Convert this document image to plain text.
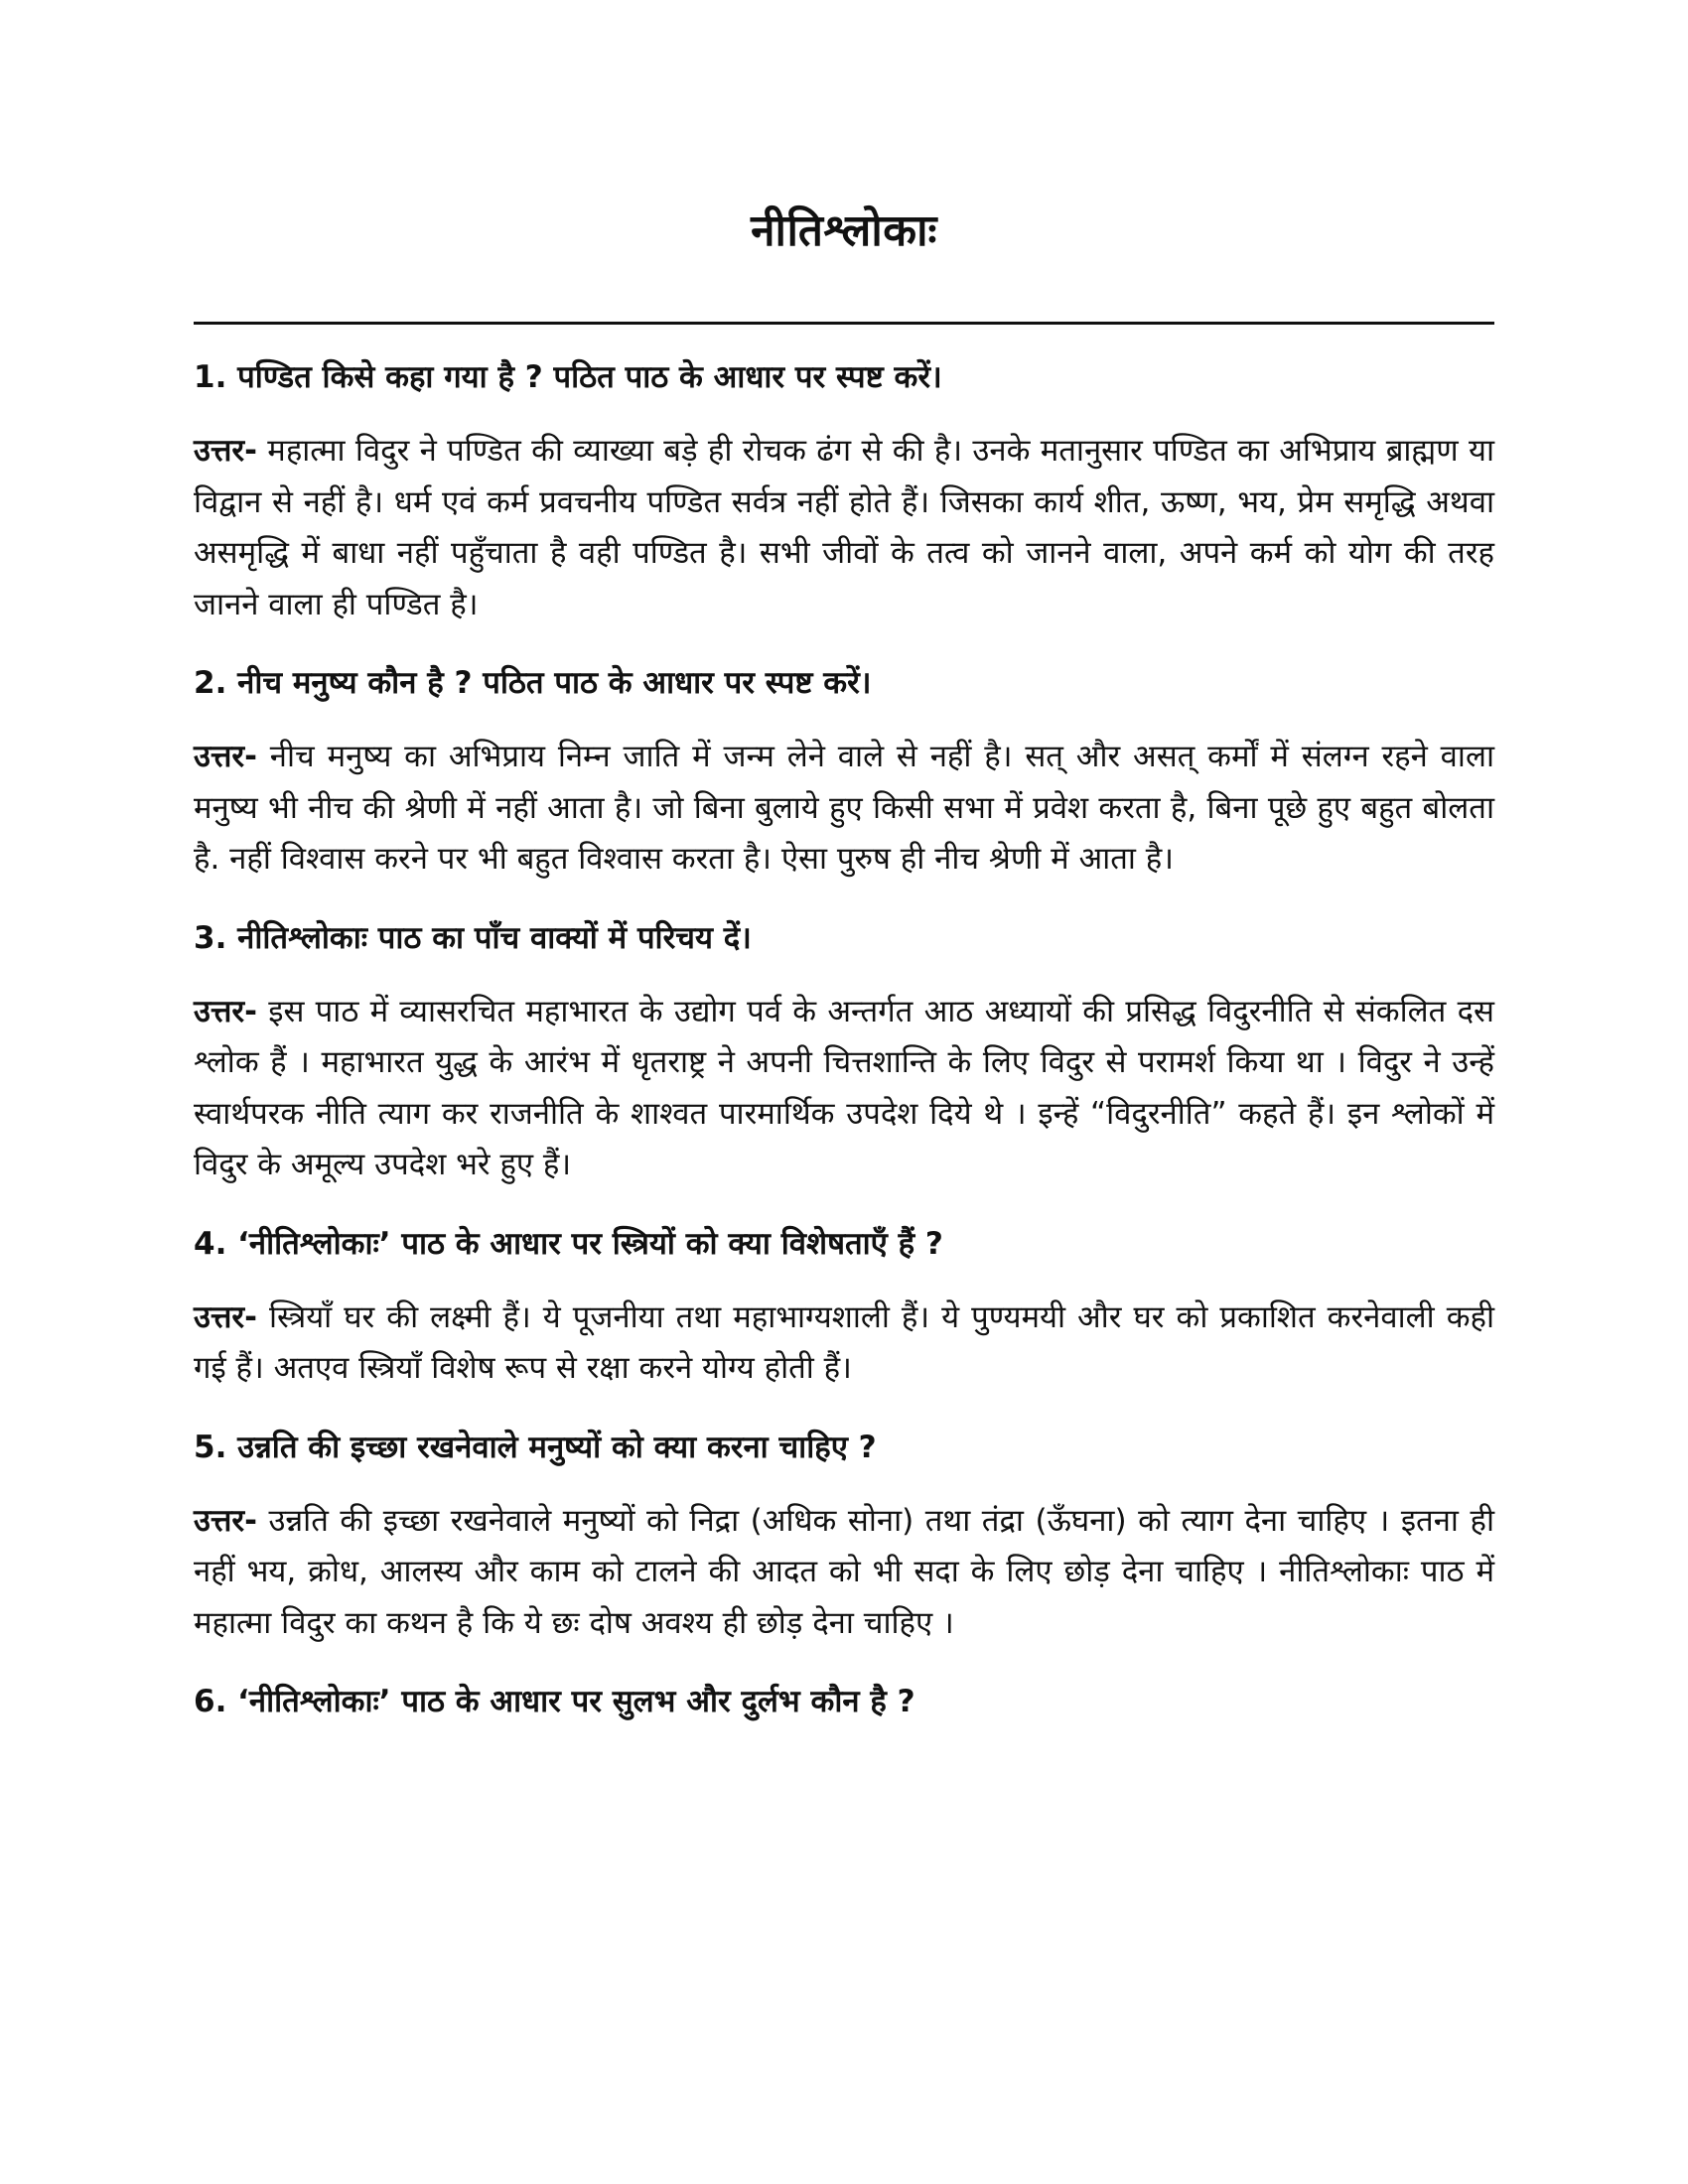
नीतिश्लोकाः

1. पण्डित किसे कहा गया है ? पठित पाठ के आधार पर स्पष्ट करें।

उत्तर- महात्मा विदुर ने पण्डित की व्याख्या बड़े ही रोचक ढंग से की है। उनके मतानुसार पण्डित का अभिप्राय ब्राह्मण या विद्वान से नहीं है। धर्म एवं कर्म प्रवचनीय पण्डित सर्वत्र नहीं होते हैं। जिसका कार्य शीत, ऊष्ण, भय, प्रेम समृद्धि अथवा असमृद्धि में बाधा नहीं पहुँचाता है वही पण्डित है। सभी जीवों के तत्व को जानने वाला, अपने कर्म को योग की तरह जानने वाला ही पण्डित है।

2. नीच मनुष्य कौन है ? पठित पाठ के आधार पर स्पष्ट करें।

उत्तर- नीच मनुष्य का अभिप्राय निम्न जाति में जन्म लेने वाले से नहीं है। सत् और असत् कर्मों में संलग्न रहने वाला मनुष्य भी नीच की श्रेणी में नहीं आता है। जो बिना बुलाये हुए किसी सभा में प्रवेश करता है, बिना पूछे हुए बहुत बोलता है. नहीं विश्वास करने पर भी बहुत विश्वास करता है। ऐसा पुरुष ही नीच श्रेणी में आता है।

3. नीतिश्लोकाः पाठ का पाँच वाक्यों में परिचय दें।

उत्तर- इस पाठ में व्यासरचित महाभारत के उद्योग पर्व के अन्तर्गत आठ अध्यायों की प्रसिद्ध विदुरनीति से संकलित दस श्लोक हैं । महाभारत युद्ध के आरंभ में धृतराष्ट्र ने अपनी चित्तशान्ति के लिए विदुर से परामर्श किया था । विदुर ने उन्हें स्वार्थपरक नीति त्याग कर राजनीति के शाश्वत पारमार्थिक उपदेश दिये थे । इन्हें “विदुरनीति” कहते हैं। इन श्लोकों में विदुर के अमूल्य उपदेश भरे हुए हैं।

4. ‘नीतिश्लोकाः’ पाठ के आधार पर स्त्रियों को क्या विशेषताएँ हैं ?

उत्तर- स्त्रियाँ घर की लक्ष्मी हैं। ये पूजनीया तथा महाभाग्यशाली हैं। ये पुण्यमयी और घर को प्रकाशित करनेवाली कही गई हैं। अतएव स्त्रियाँ विशेष रूप से रक्षा करने योग्य होती हैं।

5. उन्नति की इच्छा रखनेवाले मनुष्यों को क्या करना चाहिए ?

उत्तर- उन्नति की इच्छा रखनेवाले मनुष्यों को निद्रा (अधिक सोना) तथा तंद्रा (ऊँघना) को त्याग देना चाहिए । इतना ही नहीं भय, क्रोध, आलस्य और काम को टालने की आदत को भी सदा के लिए छोड़ देना चाहिए । नीतिश्लोकाः पाठ में महात्मा विदुर का कथन है कि ये छः दोष अवश्य ही छोड़ देना चाहिए ।

6. ‘नीतिश्लोकाः’ पाठ के आधार पर सुलभ और दुर्लभ कौन है ?
